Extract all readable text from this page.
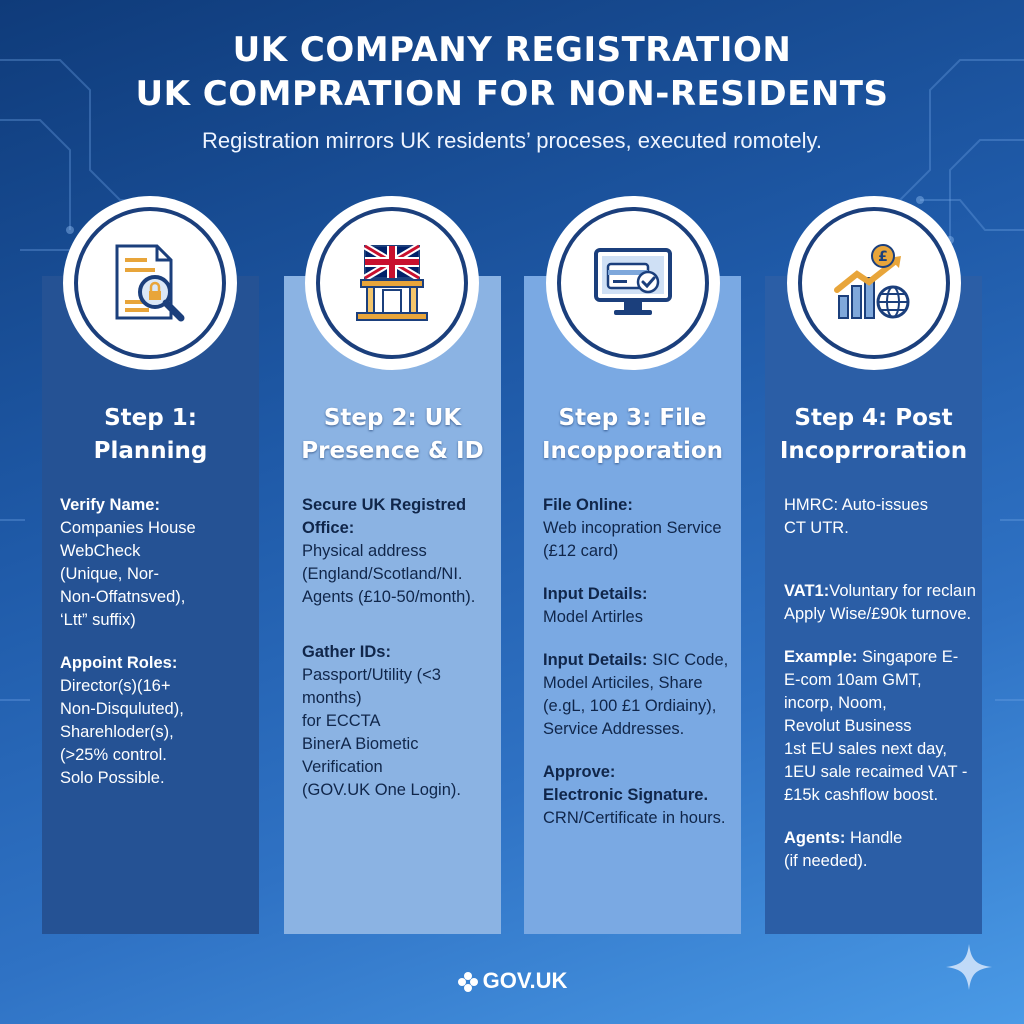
UK COMPANY REGISTRATION
UK COMPRATION FOR NON-RESIDENTS
Registration mirrors UK residents’ proceses, executed romotely.
£
Step 1:
Planning
Step 2: UK
Presence & ID
Step 3: File
Incopporation
Step 4: Post
Incoprroration
Verify Name:
Companies House
WebCheck
(Unique, Nor-
Non-Offatnsved),
‘Ltt” suffix)
Appoint Roles:
Director(s)(16+
Non-Disquluted),
Sharehlоder(s),
(>25% control.
Solo Possible.
Secure UK Registred Office:
Physical address
(England/Scotland/NI.
Agents (£10-50/month).
Gather IDs:
Passport/Utility (<3 months)
for ECCTA
BinerA Biometic
Verification
(GOV.UK One Login).
File Online:
Web incopration Service
(£12 card)
Input Details:
Model Artirles
Input Details: SIC Code,
Model Articiles, Share
(e.gL, 100 £1 Ordiainy),
Service Addresses.
Approve:
Electronic Signature.
CRN/Certificate in hours.
HMRC: Auto-issues
CT UTR.
VAT1:Voluntary for reclaın
Apply Wise/£90k turnove.
Example: Singapore E-
E-com 10am GMT,
incorp, Noom,
Revolut Business
1st EU sales next day,
1EU sale recaimed VAT -
£15k cashflow boost.
Agents: Handle
(if needed).
GOV.UK
